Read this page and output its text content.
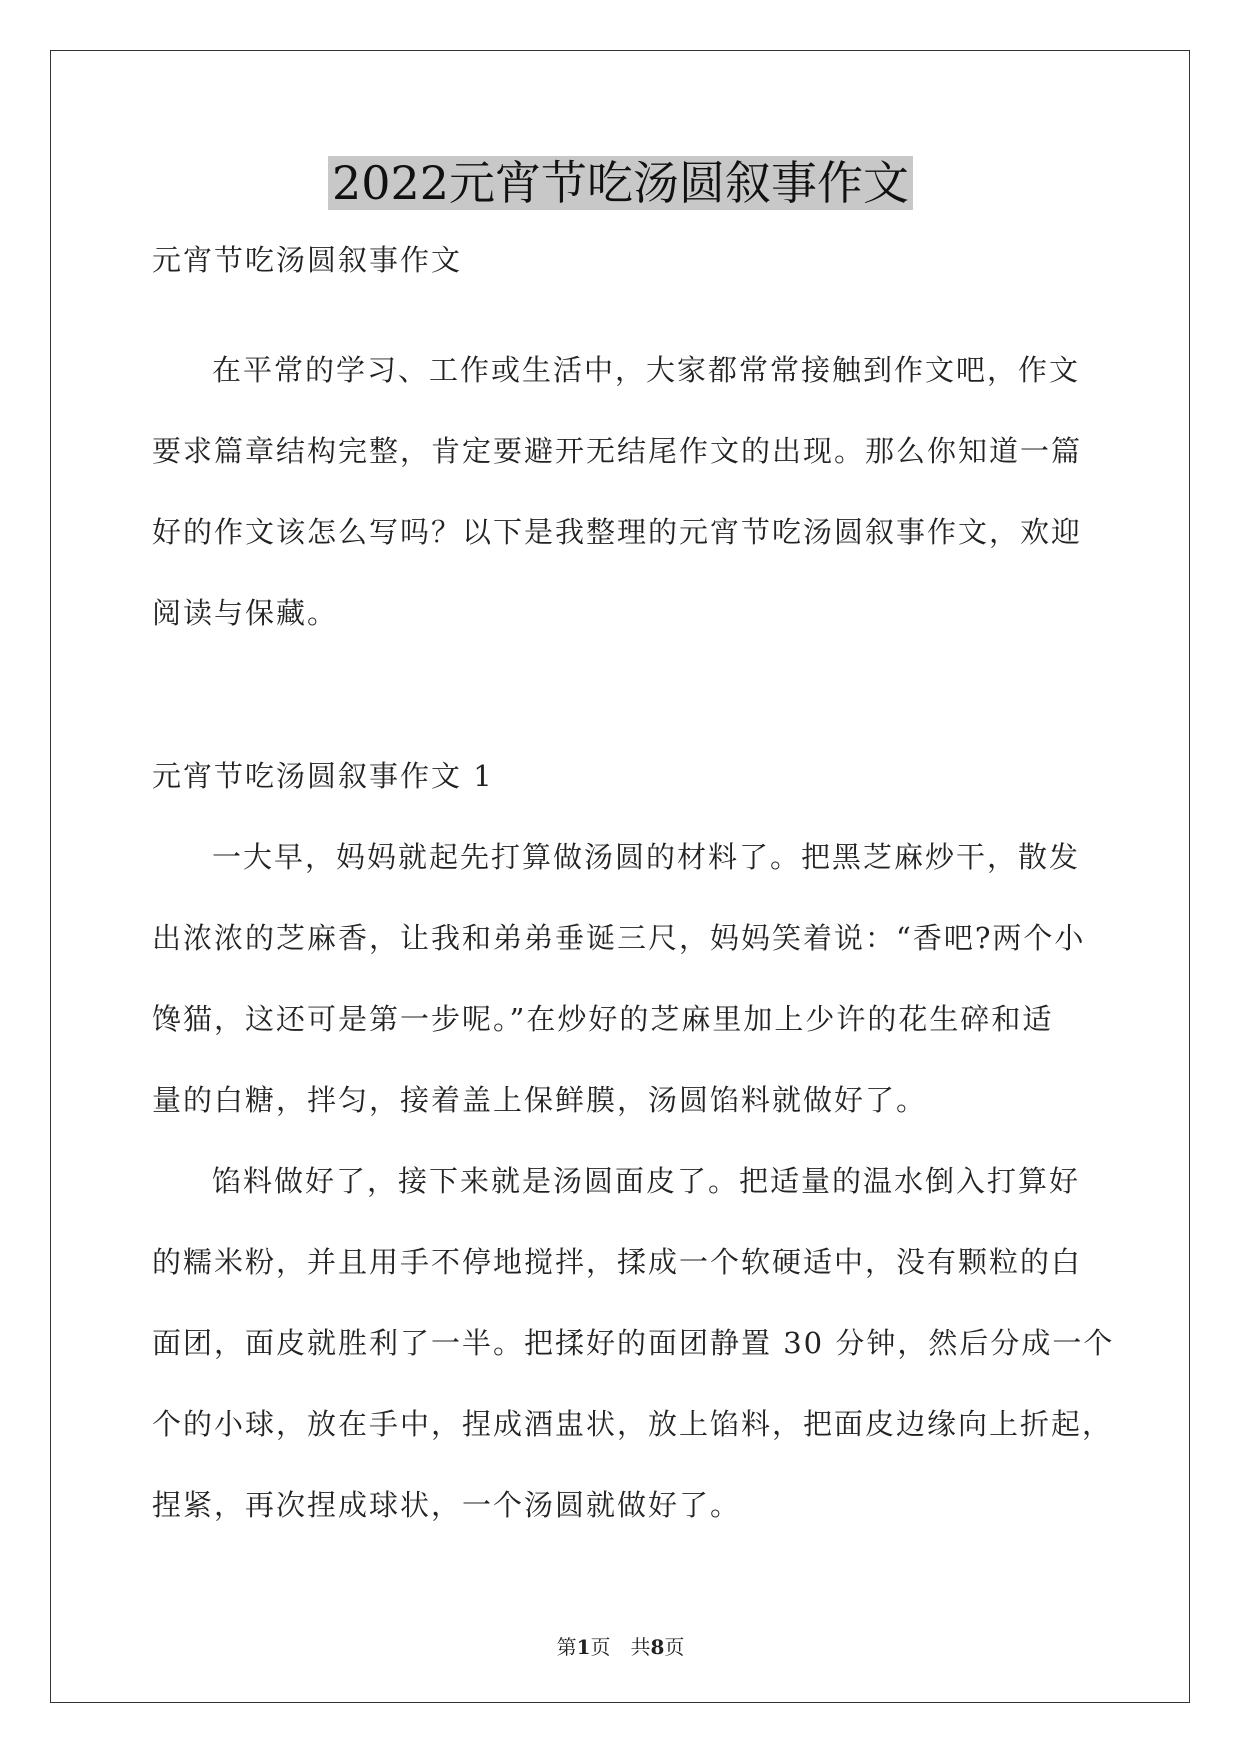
2022元宵节吃汤圆叙事作文

元宵节吃汤圆叙事作文

在平常的学习、工作或生活中，大家都常常接触到作文吧，作文
要求篇章结构完整，肯定要避开无结尾作文的出现。那么你知道一篇
好的作文该怎么写吗？以下是我整理的元宵节吃汤圆叙事作文，欢迎
阅读与保藏。

元宵节吃汤圆叙事作文 1

一大早，妈妈就起先打算做汤圆的材料了。把黑芝麻炒干，散发
出浓浓的芝麻香，让我和弟弟垂诞三尺，妈妈笑着说：“香吧?两个小
馋猫，这还可是第一步呢。”在炒好的芝麻里加上少许的花生碎和适
量的白糖，拌匀，接着盖上保鲜膜，汤圆馅料就做好了。
馅料做好了，接下来就是汤圆面皮了。把适量的温水倒入打算好
的糯米粉，并且用手不停地搅拌，揉成一个软硬适中，没有颗粒的白
面团，面皮就胜利了一半。把揉好的面团静置 30 分钟，然后分成一个
个的小球，放在手中，捏成酒盅状，放上馅料，把面皮边缘向上折起，
捏紧，再次捏成球状，一个汤圆就做好了。

第1页　共8页
